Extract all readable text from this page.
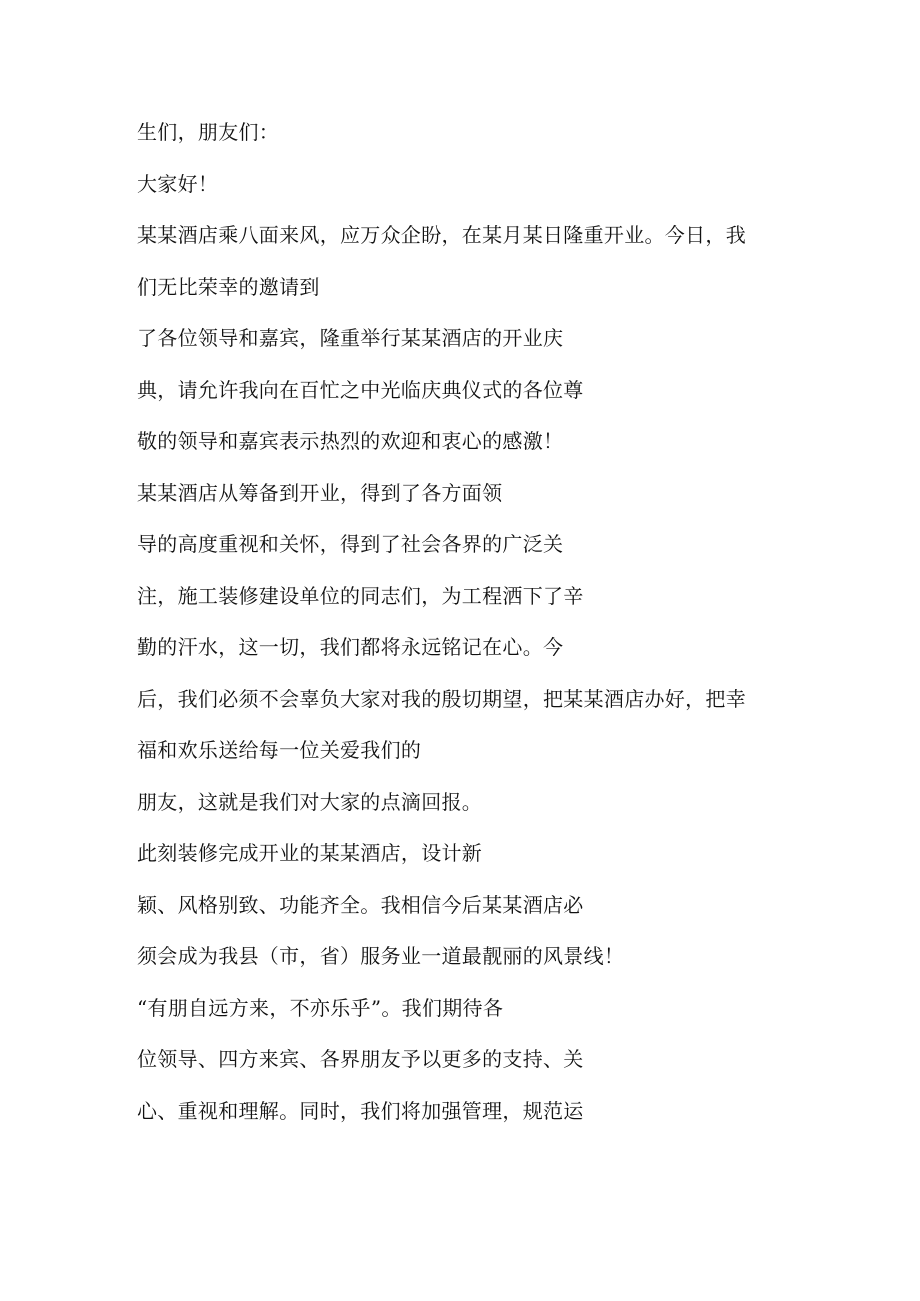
生们，朋友们：
大家好！
某某酒店乘八面来风，应万众企盼，在某月某日隆重开业。今日，我
们无比荣幸的邀请到
了各位领导和嘉宾，隆重举行某某酒店的开业庆
典，请允许我向在百忙之中光临庆典仪式的各位尊
敬的领导和嘉宾表示热烈的欢迎和衷心的感激！
某某酒店从筹备到开业，得到了各方面领
导的高度重视和关怀，得到了社会各界的广泛关
注，施工装修建设单位的同志们，为工程洒下了辛
勤的汗水，这一切，我们都将永远铭记在心。今
后，我们必须不会辜负大家对我的殷切期望，把某某酒店办好，把幸
福和欢乐送给每一位关爱我们的
朋友，这就是我们对大家的点滴回报。
此刻装修完成开业的某某酒店，设计新
颖、风格别致、功能齐全。我相信今后某某酒店必
须会成为我县（市，省）服务业一道最靓丽的风景线！
“有朋自远方来，不亦乐乎”。我们期待各
位领导、四方来宾、各界朋友予以更多的支持、关
心、重视和理解。同时，我们将加强管理，规范运
